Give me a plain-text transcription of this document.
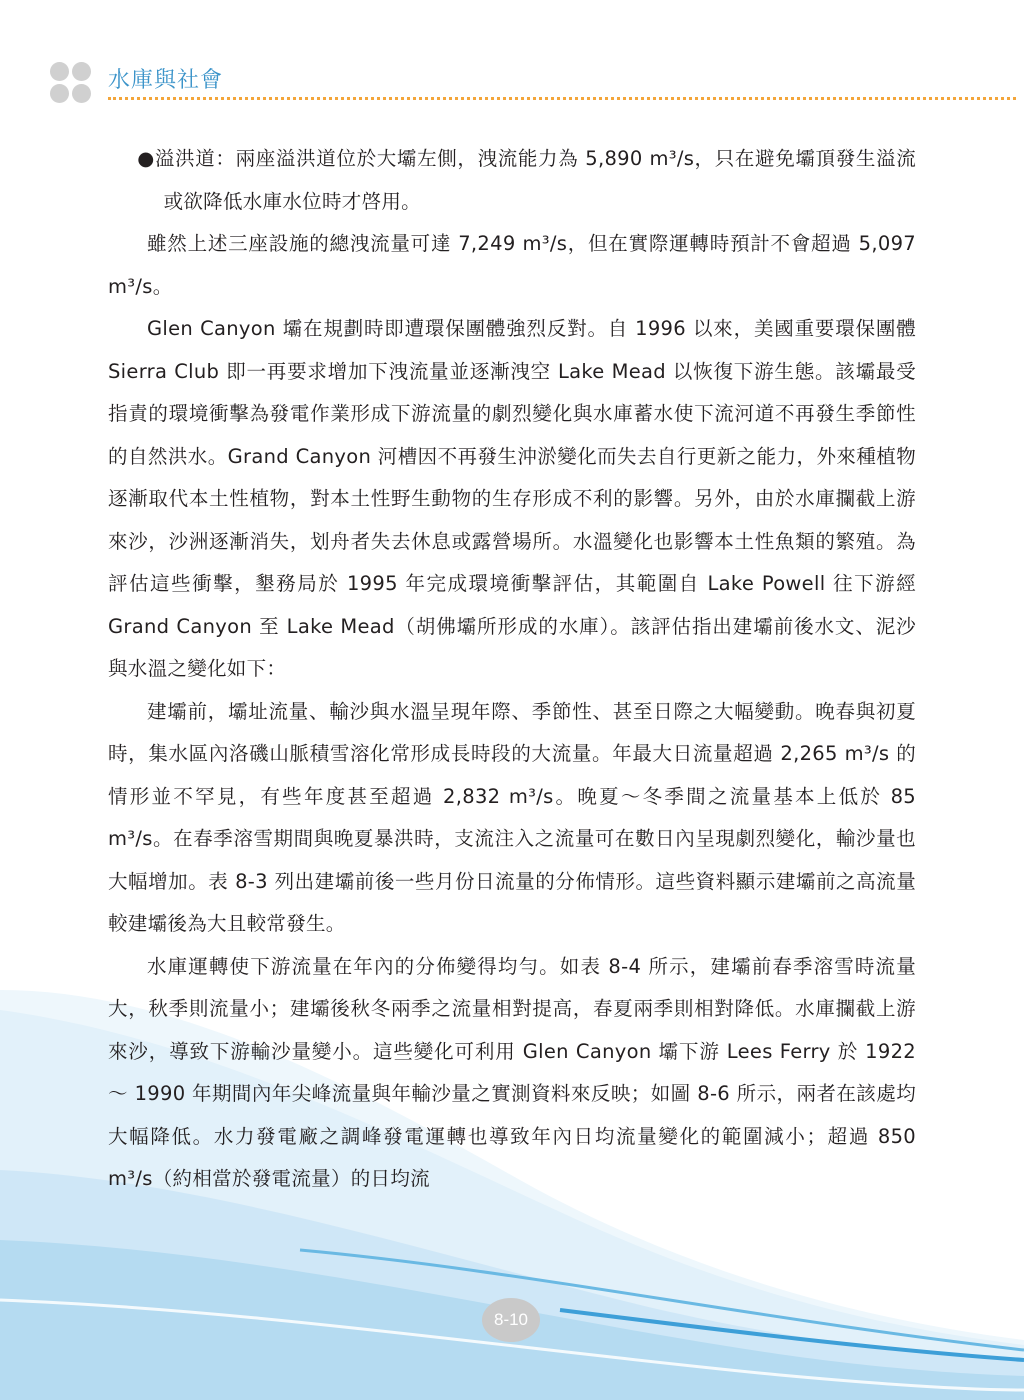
水庫與社會

●溢洪道：兩座溢洪道位於大壩左側，洩流能力為 5,890 m³/s，只在避免壩頂發生溢流或欲降低水庫水位時才啓用。

雖然上述三座設施的總洩流量可達 7,249 m³/s，但在實際運轉時預計不會超過 5,097 m³/s。

Glen Canyon 壩在規劃時即遭環保團體強烈反對。自 1996 以來，美國重要環保團體 Sierra Club 即一再要求增加下洩流量並逐漸洩空 Lake Mead 以恢復下游生態。該壩最受指責的環境衝擊為發電作業形成下游流量的劇烈變化與水庫蓄水使下流河道不再發生季節性的自然洪水。Grand Canyon 河槽因不再發生沖淤變化而失去自行更新之能力，外來種植物逐漸取代本土性植物，對本土性野生動物的生存形成不利的影響。另外，由於水庫攔截上游來沙，沙洲逐漸消失，划舟者失去休息或露營場所。水溫變化也影響本土性魚類的繁殖。為評估這些衝擊，墾務局於 1995 年完成環境衝擊評估，其範圍自 Lake Powell 往下游經 Grand Canyon 至 Lake Mead（胡佛壩所形成的水庫）。該評估指出建壩前後水文、泥沙與水溫之變化如下：

建壩前，壩址流量、輸沙與水溫呈現年際、季節性、甚至日際之大幅變動。晚春與初夏時，集水區內洛磯山脈積雪溶化常形成長時段的大流量。年最大日流量超過 2,265 m³/s 的情形並不罕見，有些年度甚至超過 2,832 m³/s。晚夏～冬季間之流量基本上低於 85 m³/s。在春季溶雪期間與晚夏暴洪時，支流注入之流量可在數日內呈現劇烈變化，輸沙量也大幅增加。表 8-3 列出建壩前後一些月份日流量的分佈情形。這些資料顯示建壩前之高流量較建壩後為大且較常發生。

水庫運轉使下游流量在年內的分佈變得均勻。如表 8-4 所示，建壩前春季溶雪時流量大，秋季則流量小；建壩後秋冬兩季之流量相對提高，春夏兩季則相對降低。水庫攔截上游來沙，導致下游輸沙量變小。這些變化可利用 Glen Canyon 壩下游 Lees Ferry 於 1922 ～ 1990 年期間內年尖峰流量與年輸沙量之實測資料來反映；如圖 8-6 所示，兩者在該處均大幅降低。水力發電廠之調峰發電運轉也導致年內日均流量變化的範圍減小；超過 850 m³/s（約相當於發電流量）的日均流

8-10
